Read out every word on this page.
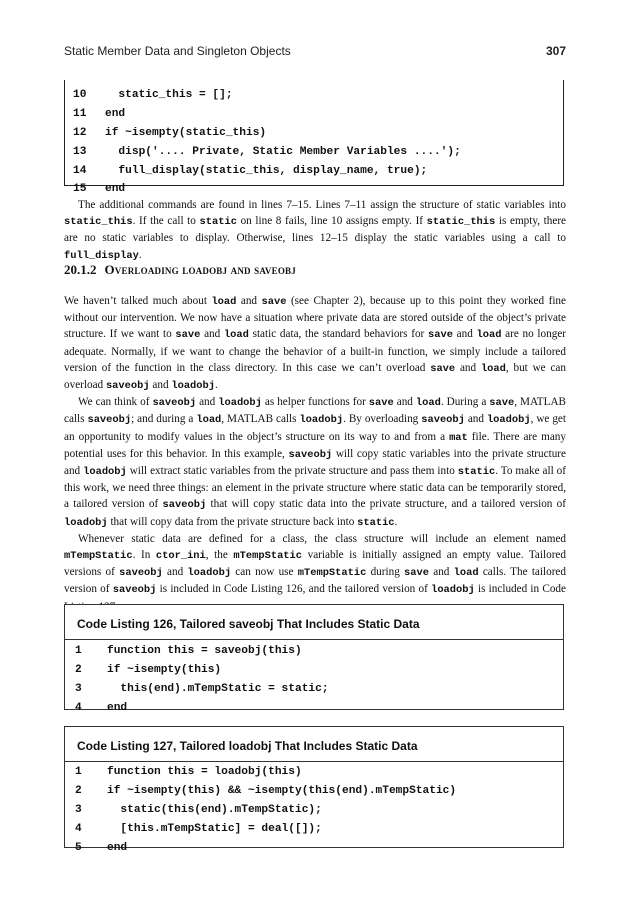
Static Member Data and Singleton Objects	307
10	static_this = [];
11	end
12	if ~isempty(static_this)
13	disp('.... Private, Static Member Variables ....');
14	full_display(static_this, display_name, true);
15	end

The additional commands are found in lines 7–15. Lines 7–11 assign the structure of static variables into static_this. If the call to static on line 8 fails, line 10 assigns empty. If static_this is empty, there are no static variables to display. Otherwise, lines 12–15 display the static variables using a call to full_display.

20.1.2 Overloading loadobj and saveobj

We haven’t talked much about load and save (see Chapter 2), because up to this point they worked fine without our intervention. We now have a situation where private data are stored outside of the object’s private structure. If we want to save and load static data, the standard behaviors for save and load are no longer adequate. Normally, if we want to change the behavior of a built-in function, we simply include a tailored version of the function in the class directory. In this case we can’t overload save and load, but we can overload saveobj and loadobj.

We can think of saveobj and loadobj as helper functions for save and load. During a save, MATLAB calls saveobj; and during a load, MATLAB calls loadobj. By overloading saveobj and loadobj, we get an opportunity to modify values in the object’s structure on its way to and from a mat file. There are many potential uses for this behavior. In this example, saveobj will copy static variables into the private structure and loadobj will extract static variables from the private structure and pass them into static. To make all of this work, we need three things: an element in the private structure where static data can be temporarily stored, a tailored version of saveobj that will copy static data into the private structure, and a tailored version of loadobj that will copy data from the private structure back into static.

Whenever static data are defined for a class, the class structure will include an element named mTempStatic. In ctor_ini, the mTempStatic variable is initially assigned an empty value. Tailored versions of saveobj and loadobj can now use mTempStatic during save and load calls. The tailored version of saveobj is included in Code Listing 126, and the tailored version of loadobj is included in Code

Code Listing 126, Tailored saveobj That Includes Static Data
1	function this = saveobj(this)
2	if ~isempty(this)
3	this(end).mTempStatic = static;
4	end
Code Listing 127, Tailored loadobj That Includes Static Data
1	function this = loadobj(this)
2	if ~isempty(this) && ~isempty(this(end).mTempStatic)
3	static(this(end).mTempStatic);
4	[this.mTempStatic] = deal([]);
5	end
